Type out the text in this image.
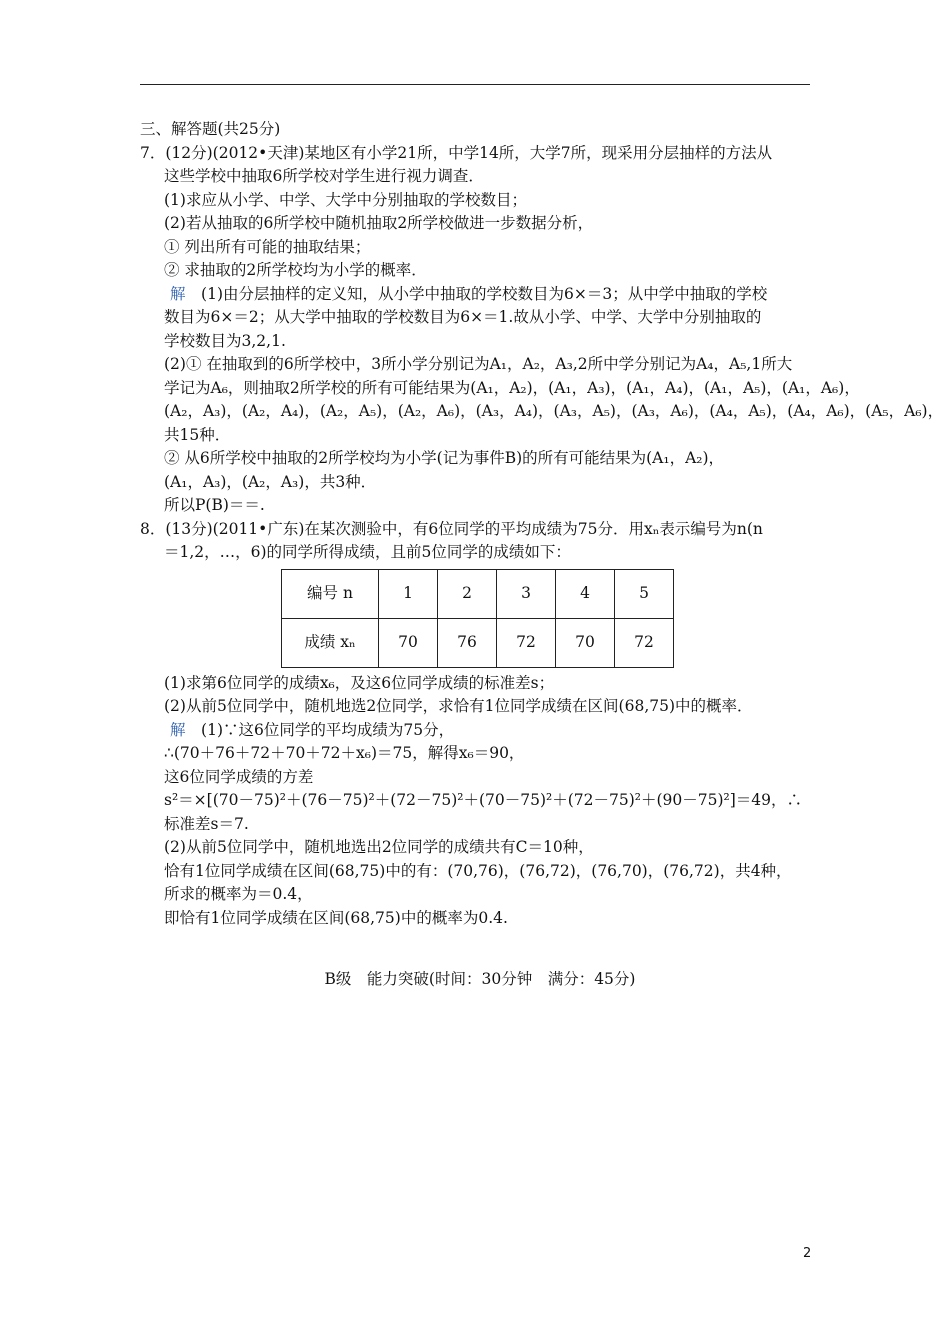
三、解答题(共25分)
7．(12分)(2012•天津)某地区有小学21所，中学14所，大学7所，现采用分层抽样的方法从
这些学校中抽取6所学校对学生进行视力调查．
(1)求应从小学、中学、大学中分别抽取的学校数目；
(2)若从抽取的6所学校中随机抽取2所学校做进一步数据分析，
① 列出所有可能的抽取结果；
② 求抽取的2所学校均为小学的概率．
解　 (1)由分层抽样的定义知，从小学中抽取的学校数目为6×＝3；从中学中抽取的学校
数目为6×＝2；从大学中抽取的学校数目为6×＝1.故从小学、中学、大学中分别抽取的
学校数目为3,2,1.
(2)① 在抽取到的6所学校中，3所小学分别记为A₁，A₂，A₃,2所中学分别记为A₄，A₅,1所大
学记为A₆，则抽取2所学校的所有可能结果为(A₁，A₂)，(A₁，A₃)，(A₁，A₄)，(A₁，A₅)，(A₁，A₆)，
(A₂，A₃)，(A₂，A₄)，(A₂，A₅)，(A₂，A₆)，(A₃，A₄)，(A₃，A₅)，(A₃，A₆)，(A₄，A₅)，(A₄，A₆)，(A₅，A₆)，
共15种．
② 从6所学校中抽取的2所学校均为小学(记为事件B)的所有可能结果为(A₁，A₂)，
(A₁，A₃)，(A₂，A₃)，共3种．
所以P(B)＝＝.
8．(13分)(2011•广东)在某次测验中，有6位同学的平均成绩为75分．用xₙ表示编号为n(n
＝1,2，…，6)的同学所得成绩，且前5位同学的成绩如下：
编号 n	1	2	3	4	5
成绩 xₙ	70	76	72	70	72
(1)求第6位同学的成绩x₆，及这6位同学成绩的标准差s；
(2)从前5位同学中，随机地选2位同学，求恰有1位同学成绩在区间(68,75)中的概率．
解　 (1)∵这6位同学的平均成绩为75分，
∴(70＋76＋72＋70＋72＋x₆)＝75，解得x₆＝90，
这6位同学成绩的方差
s²＝×[(70－75)²＋(76－75)²＋(72－75)²＋(70－75)²＋(72－75)²＋(90－75)²]＝49，∴
标准差s＝7.
(2)从前5位同学中，随机地选出2位同学的成绩共有C＝10种，
恰有1位同学成绩在区间(68,75)中的有：(70,76)，(76,72)，(76,70)，(76,72)，共4种，
所求的概率为＝0.4，
即恰有1位同学成绩在区间(68,75)中的概率为0.4.
B级　能力突破(时间：30分钟　满分：45分)
2
